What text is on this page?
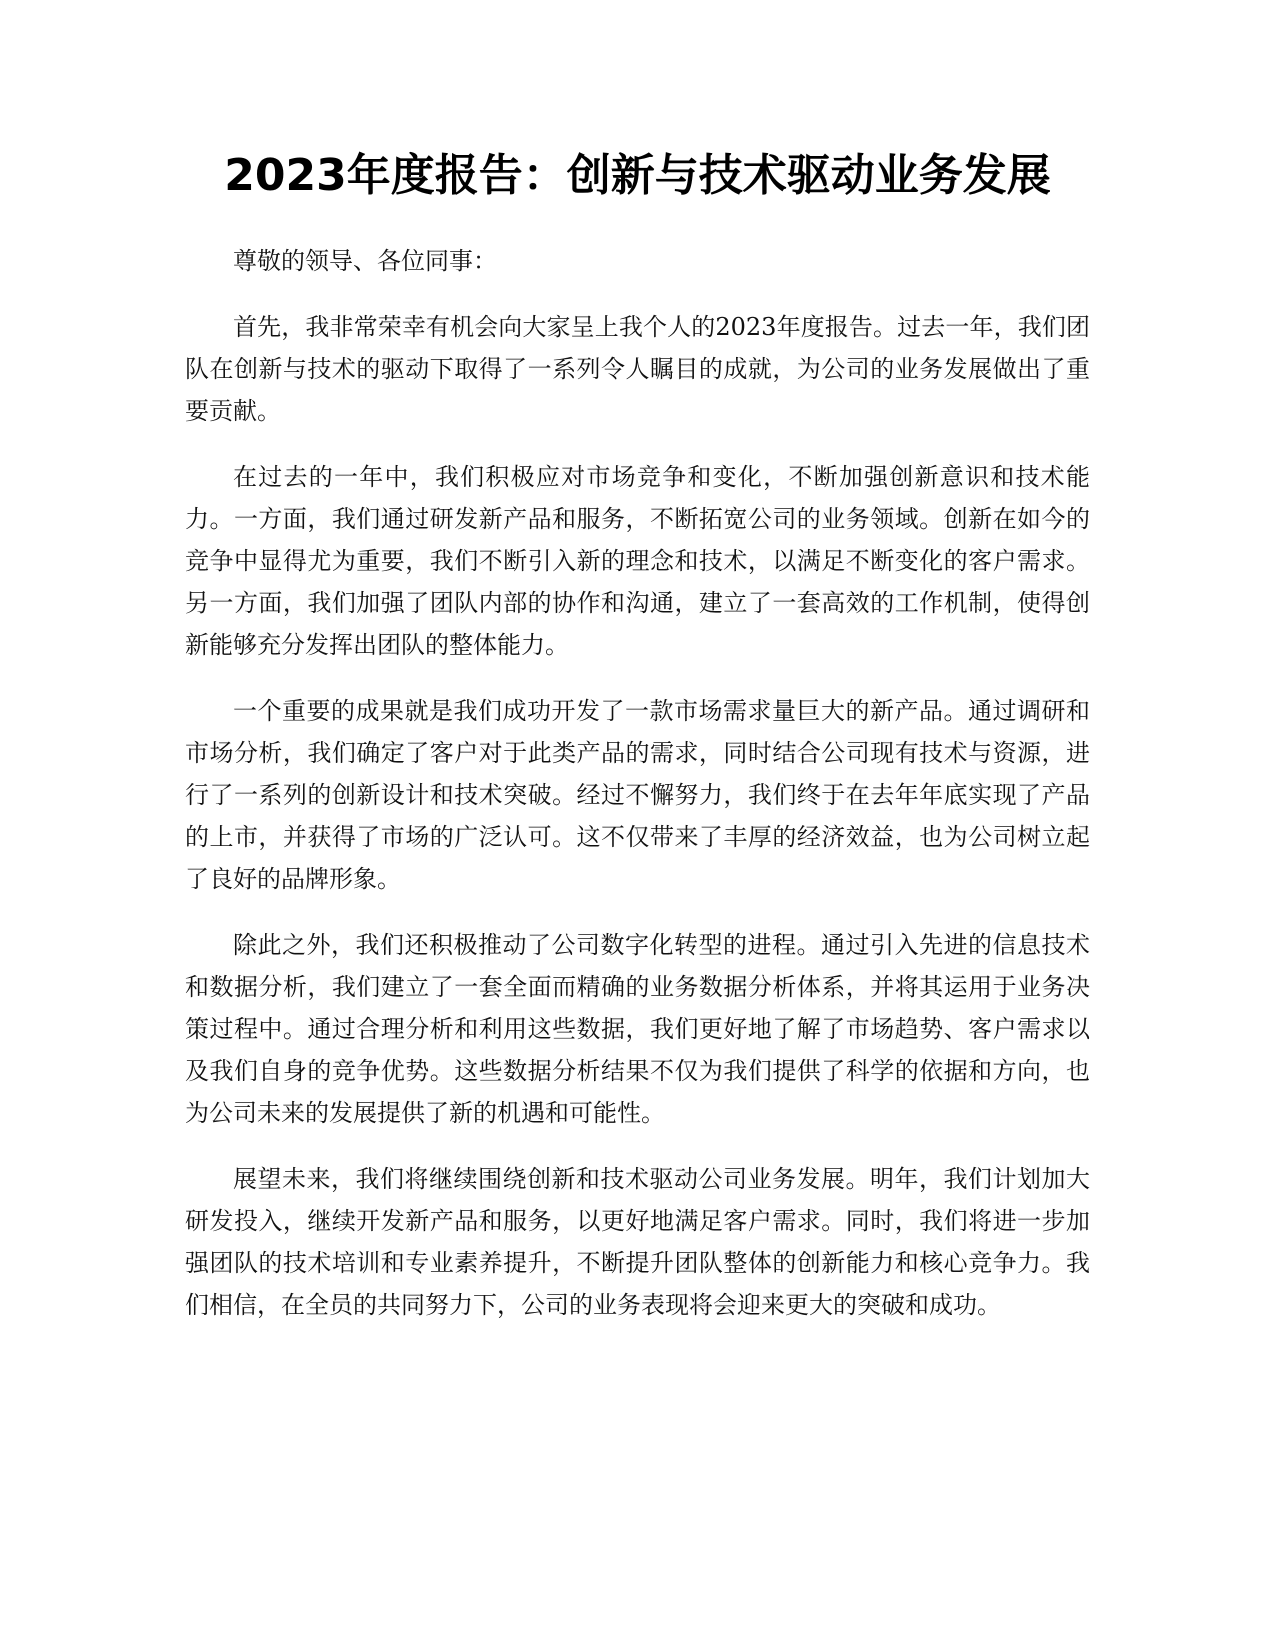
2023年度报告：创新与技术驱动业务发展

尊敬的领导、各位同事：

首先，我非常荣幸有机会向大家呈上我个人的2023年度报告。过去一年，我们团队在创新与技术的驱动下取得了一系列令人瞩目的成就，为公司的业务发展做出了重要贡献。

在过去的一年中，我们积极应对市场竞争和变化，不断加强创新意识和技术能力。一方面，我们通过研发新产品和服务，不断拓宽公司的业务领域。创新在如今的竞争中显得尤为重要，我们不断引入新的理念和技术，以满足不断变化的客户需求。另一方面，我们加强了团队内部的协作和沟通，建立了一套高效的工作机制，使得创新能够充分发挥出团队的整体能力。

一个重要的成果就是我们成功开发了一款市场需求量巨大的新产品。通过调研和市场分析，我们确定了客户对于此类产品的需求，同时结合公司现有技术与资源，进行了一系列的创新设计和技术突破。经过不懈努力，我们终于在去年年底实现了产品的上市，并获得了市场的广泛认可。这不仅带来了丰厚的经济效益，也为公司树立起了良好的品牌形象。

除此之外，我们还积极推动了公司数字化转型的进程。通过引入先进的信息技术和数据分析，我们建立了一套全面而精确的业务数据分析体系，并将其运用于业务决策过程中。通过合理分析和利用这些数据，我们更好地了解了市场趋势、客户需求以及我们自身的竞争优势。这些数据分析结果不仅为我们提供了科学的依据和方向，也为公司未来的发展提供了新的机遇和可能性。

展望未来，我们将继续围绕创新和技术驱动公司业务发展。明年，我们计划加大研发投入，继续开发新产品和服务，以更好地满足客户需求。同时，我们将进一步加强团队的技术培训和专业素养提升，不断提升团队整体的创新能力和核心竞争力。我们相信，在全员的共同努力下，公司的业务表现将会迎来更大的突破和成功。
